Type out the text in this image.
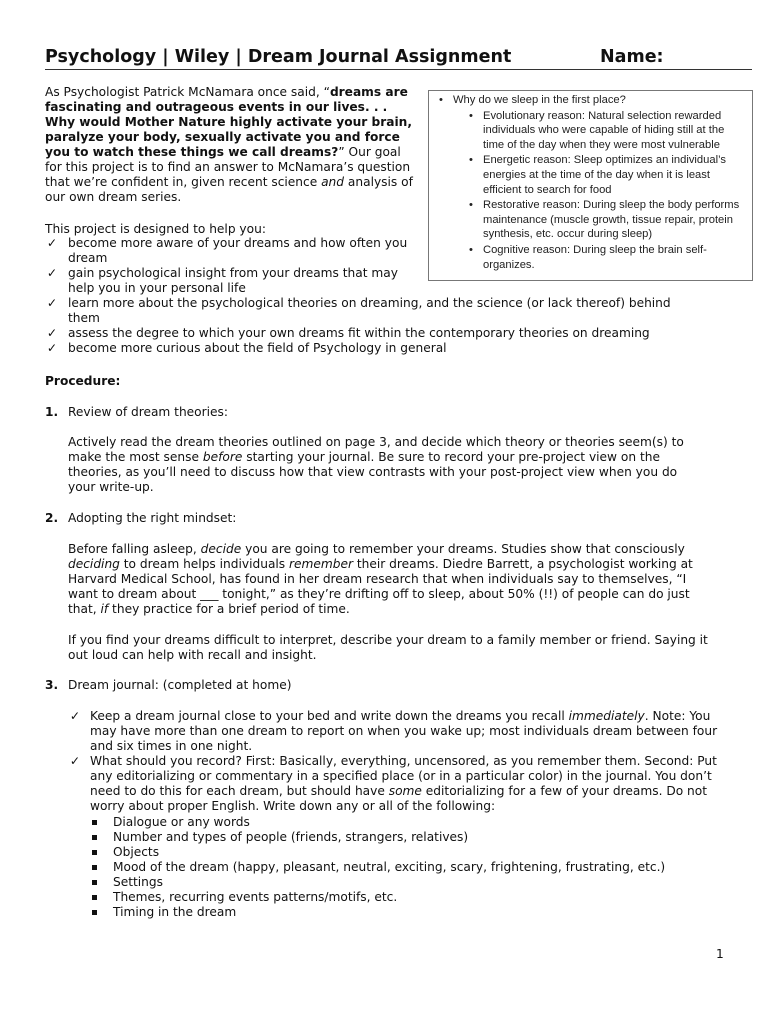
Psychology | Wiley | Dream Journal Assignment	Name:
As Psychologist Patrick McNamara once said, “dreams are fascinating and outrageous events in our lives. . . Why would Mother Nature highly activate your brain, paralyze your body, sexually activate you and force you to watch these things we call dreams?” Our goal for this project is to find an answer to McNamara’s question that we’re confident in, given recent science and analysis of our own dream series.
• Why do we sleep in the first place?
• Evolutionary reason: Natural selection rewarded individuals who were capable of hiding still at the time of the day when they were most vulnerable
• Energetic reason: Sleep optimizes an individual’s energies at the time of the day when it is least efficient to search for food
• Restorative reason: During sleep the body performs maintenance (muscle growth, tissue repair, protein synthesis, etc. occur during sleep)
• Cognitive reason: During sleep the brain self-organizes.
This project is designed to help you:
✓ become more aware of your dreams and how often you dream
✓ gain psychological insight from your dreams that may help you in your personal life
✓ learn more about the psychological theories on dreaming, and the science (or lack thereof) behind them
✓ assess the degree to which your own dreams fit within the contemporary theories on dreaming
✓ become more curious about the field of Psychology in general
Procedure:
1. Review of dream theories:
Actively read the dream theories outlined on page 3, and decide which theory or theories seem(s) to make the most sense before starting your journal. Be sure to record your pre-project view on the theories, as you’ll need to discuss how that view contrasts with your post-project view when you do your write-up.
2. Adopting the right mindset:
Before falling asleep, decide you are going to remember your dreams. Studies show that consciously deciding to dream helps individuals remember their dreams. Diedre Barrett, a psychologist working at Harvard Medical School, has found in her dream research that when individuals say to themselves, “I want to dream about ___ tonight,” as they’re drifting off to sleep, about 50% (!!) of people can do just that, if they practice for a brief period of time.
If you find your dreams difficult to interpret, describe your dream to a family member or friend. Saying it out loud can help with recall and insight.
3. Dream journal: (completed at home)
✓ Keep a dream journal close to your bed and write down the dreams you recall immediately. Note: You may have more than one dream to report on when you wake up; most individuals dream between four and six times in one night.
✓ What should you record? First: Basically, everything, uncensored, as you remember them. Second: Put any editorializing or commentary in a specified place (or in a particular color) in the journal. You don’t need to do this for each dream, but should have some editorializing for a few of your dreams. Do not worry about proper English. Write down any or all of the following:
Dialogue or any words
Number and types of people (friends, strangers, relatives)
Objects
Mood of the dream (happy, pleasant, neutral, exciting, scary, frightening, frustrating, etc.)
Settings
Themes, recurring events patterns/motifs, etc.
Timing in the dream
1
